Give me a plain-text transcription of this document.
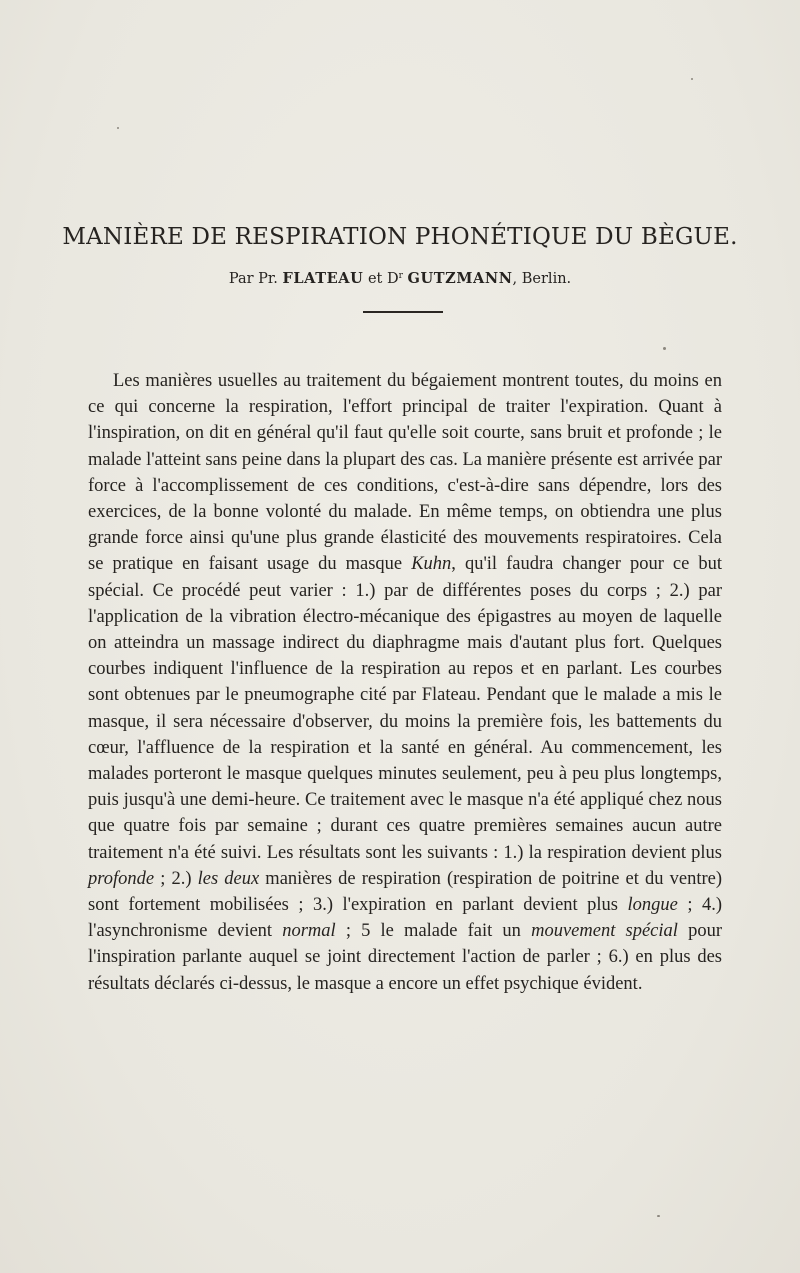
MANIÈRE DE RESPIRATION PHONÉTIQUE DU BÈGUE.
Par Pr. FLATEAU et $D^r$ GUTZMANN, Berlin.

Les manières usuelles au traitement du bégaiement montrent toutes, du moins en ce qui concerne la respiration, l'effort principal de traiter l'expiration. Quant à l'inspiration, on dit en général qu'il faut qu'elle soit courte, sans bruit et profonde ; le malade l'atteint sans peine dans la plupart des cas. La manière présente est arrivée par force à l'accomplissement de ces conditions, c'est-à-dire sans dépendre, lors des exercices, de la bonne volonté du malade. En même temps, on obtiendra une plus grande force ainsi qu'une plus grande élasticité des mouvements respiratoires. Cela se pratique en faisant usage du masque Kuhn, qu'il faudra changer pour ce but spécial. Ce procédé peut varier : 1.) par de différentes poses du corps ; 2.) par l'application de la vibration électro-mécanique des épigastres au moyen de laquelle on atteindra un massage indirect du diaphragme mais d'autant plus fort. Quelques courbes indiquent l'influence de la respiration au repos et en parlant. Les courbes sont obtenues par le pneumographe cité par Flateau. Pendant que le malade a mis le masque, il sera nécessaire d'observer, du moins la première fois, les battements du cœur, l'affluence de la respiration et la santé en général. Au commencement, les malades porteront le masque quelques minutes seulement, peu à peu plus longtemps, puis jusqu'à une demi-heure. Ce traitement avec le masque n'a été appliqué chez nous que quatre fois par semaine ; durant ces quatre premières semaines aucun autre traitement n'a été suivi. Les résultats sont les suivants : 1.) la respiration devient plus profonde ; 2.) les deux manières de respiration (respiration de poitrine et du ventre) sont fortement mobilisées ; 3.) l'expiration en parlant devient plus longue ; 4.) l'asynchronisme devient normal ; 5 le malade fait un mouvement spécial pour l'inspiration parlante auquel se joint directement l'action de parler ; 6.) en plus des résultats déclarés ci-dessus, le masque a encore un effet psychique évident.
